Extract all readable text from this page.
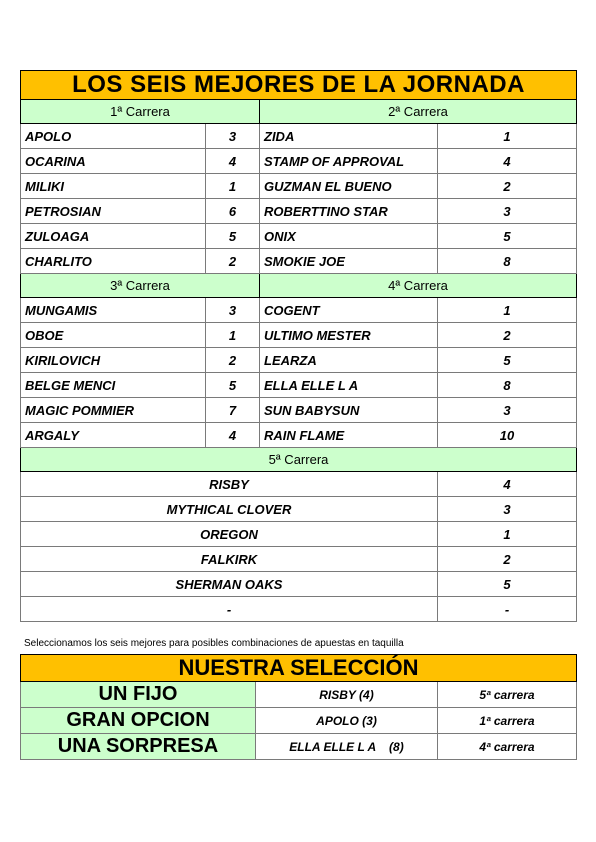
LOS SEIS MEJORES DE LA JORNADA			
1ª Carrera		2ª Carrera	
APOLO	3	ZIDA	1
OCARINA	4	STAMP OF APPROVAL	4
MILIKI	1	GUZMAN EL BUENO	2
PETROSIAN	6	ROBERTTINO STAR	3
ZULOAGA	5	ONIX	5
CHARLITO	2	SMOKIE JOE	8
3ª Carrera		4ª Carrera	
MUNGAMIS	3	COGENT	1
OBOE	1	ULTIMO MESTER	2
KIRILOVICH	2	LEARZA	5
BELGE MENCI	5	ELLA ELLE L A	8
MAGIC POMMIER	7	SUN BABYSUN	3
ARGALY	4	RAIN FLAME	10
5ª Carrera			
RISBY			4
MYTHICAL CLOVER			3
OREGON			1
FALKIRK			2
SHERMAN OAKS			5
-			-
Seleccionamos los seis mejores para posibles combinaciones de apuestas en taquilla
NUESTRA SELECCIÓN		
UN FIJO	RISBY (4)	5ª carrera
GRAN OPCION	APOLO (3)	1ª carrera
UNA SORPRESA	ELLA ELLE L A    (8)	4ª carrera
